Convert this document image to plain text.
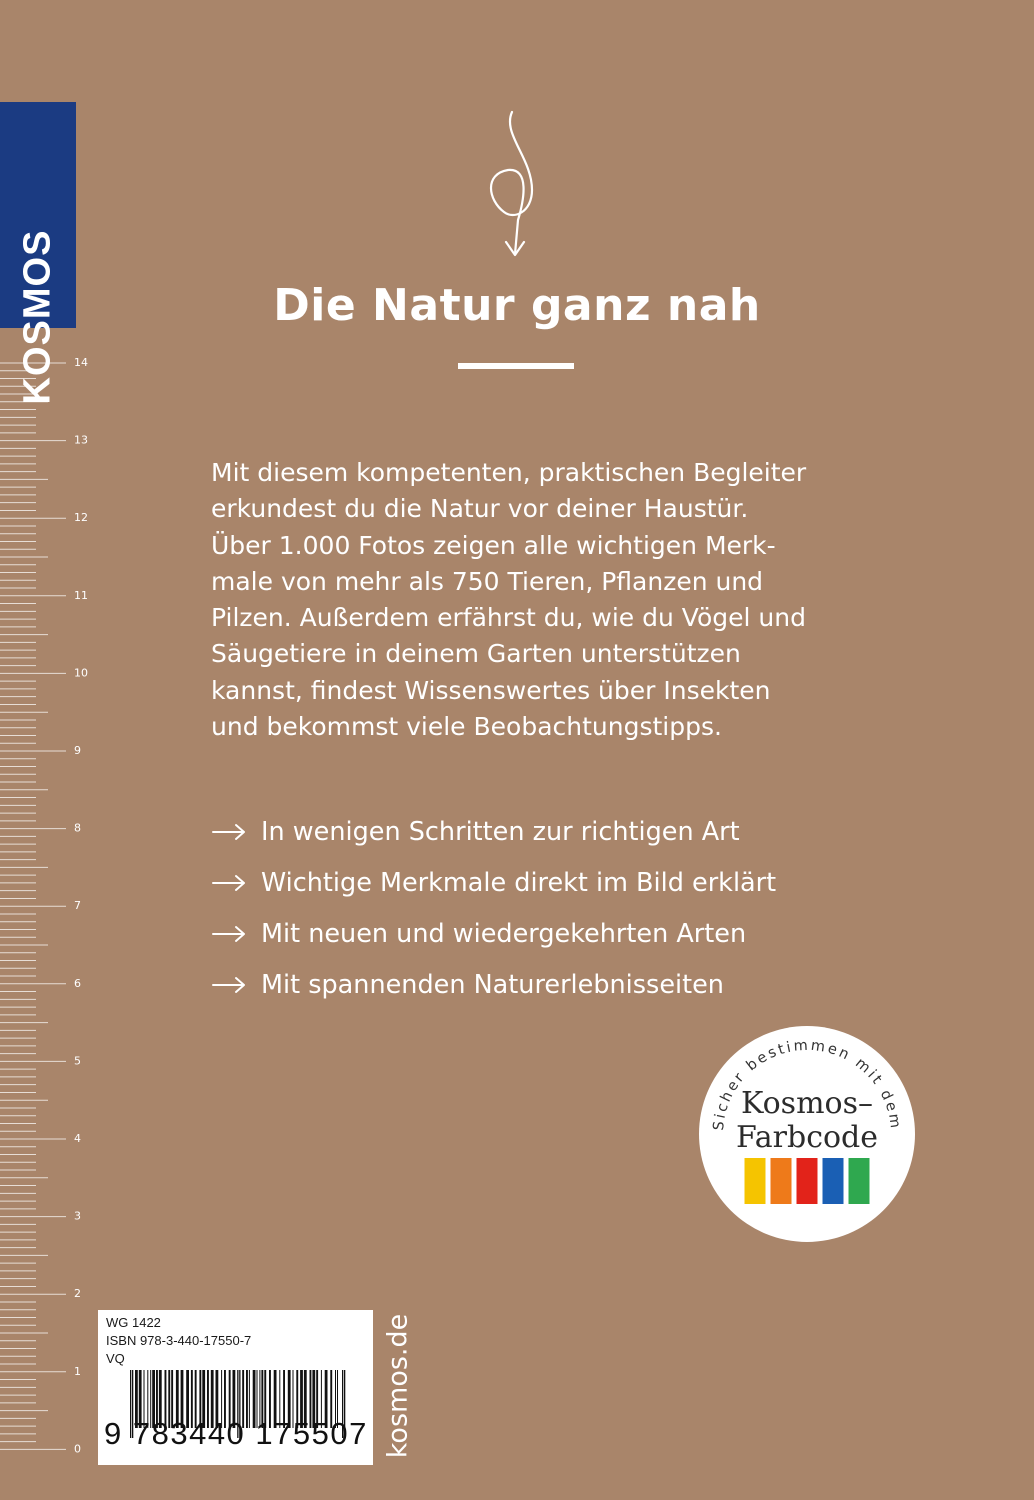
KOSMOS 14
13
12
11
10
9
8
7
6
5
4
3
2
1
0
Die Natur ganz nah

Mit diesem kompetenten, praktischen Begleiter
erkundest du die Natur vor deiner Haustür.
Über 1.000 Fotos zeigen alle wichtigen Merk-
male von mehr als 750 Tieren, Pflanzen und
Pilzen. Außerdem erfährst du, wie du Vögel und
Säugetiere in deinem Garten unterstützen
kannst, findest Wissenswertes über Insekten
und bekommst viele Beobachtungstipps.

In wenigen Schritten zur richtigen Art
Wichtige Merkmale direkt im Bild erklärt
Mit neuen und wiedergekehrten Arten
Mit spannenden Naturerlebnisseiten
Sicher bestimmen mit dem
Kosmos–
Farbcode
WG 1422
ISBN 978-3-440-17550-7
VQ
9 783440 175507 kosmos.de
